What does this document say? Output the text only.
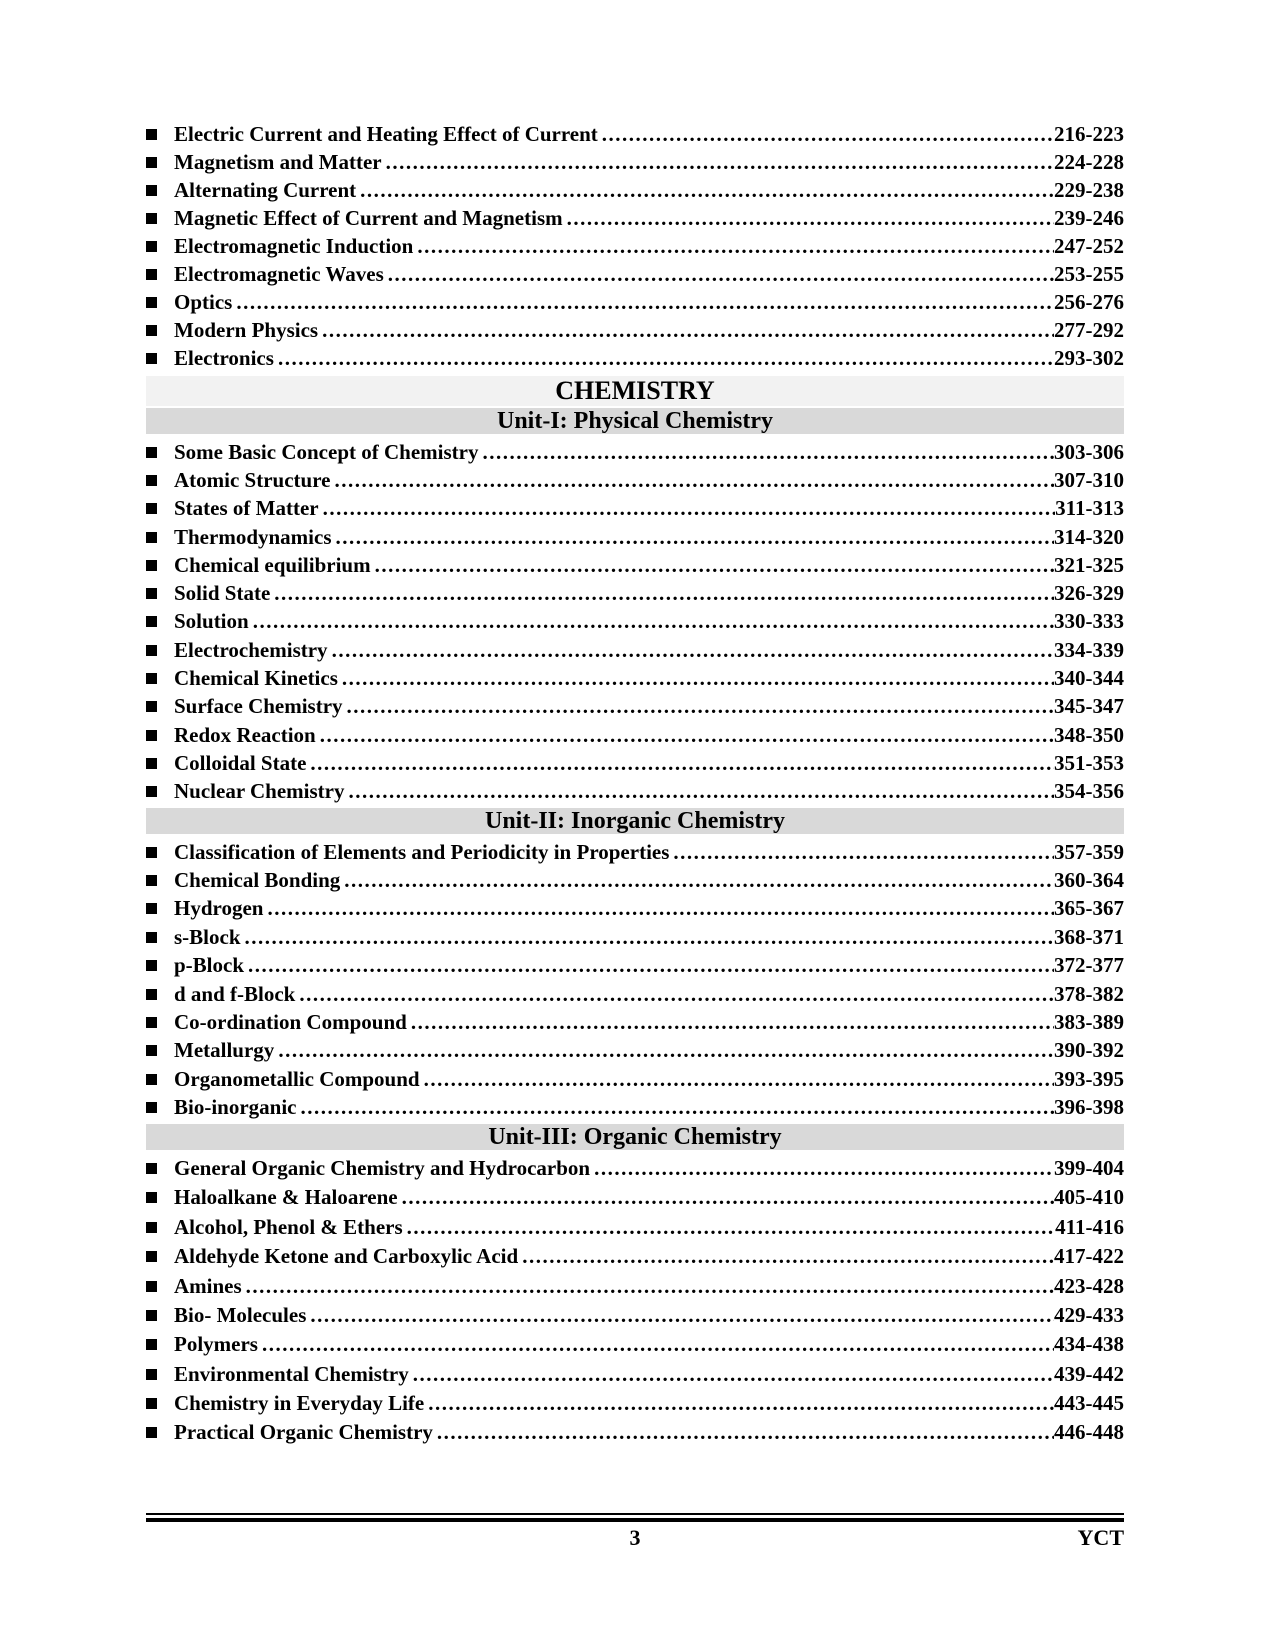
Electric Current and Heating Effect of Current .....	216-223
Magnetism and Matter .....	224-228
Alternating Current .....	229-238
Magnetic Effect of Current and Magnetism .....	239-246
Electromagnetic Induction .....	247-252
Electromagnetic Waves .....	253-255
Optics .....	256-276
Modern Physics .....	277-292
Electronics .....	293-302
CHEMISTRY
Unit-I: Physical Chemistry
Some Basic Concept of Chemistry .....	303-306
Atomic Structure .....	307-310
States of Matter .....	311-313
Thermodynamics .....	314-320
Chemical equilibrium .....	321-325
Solid State .....	326-329
Solution .....	330-333
Electrochemistry .....	334-339
Chemical Kinetics .....	340-344
Surface Chemistry .....	345-347
Redox Reaction .....	348-350
Colloidal State .....	351-353
Nuclear Chemistry .....	354-356
Unit-II: Inorganic Chemistry
Classification of Elements and Periodicity in Properties .....	357-359
Chemical Bonding .....	360-364
Hydrogen .....	365-367
s-Block .....	368-371
p-Block .....	372-377
d and f-Block .....	378-382
Co-ordination Compound .....	383-389
Metallurgy .....	390-392
Organometallic Compound .....	393-395
Bio-inorganic .....	396-398
Unit-III: Organic Chemistry
General Organic Chemistry and Hydrocarbon .....	399-404
Haloalkane & Haloarene .....	405-410
Alcohol, Phenol & Ethers .....	411-416
Aldehyde Ketone and Carboxylic Acid .....	417-422
Amines .....	423-428
Bio- Molecules .....	429-433
Polymers .....	434-438
Environmental Chemistry .....	439-442
Chemistry in Everyday Life .....	443-445
Practical Organic Chemistry .....	446-448
3	YCT
